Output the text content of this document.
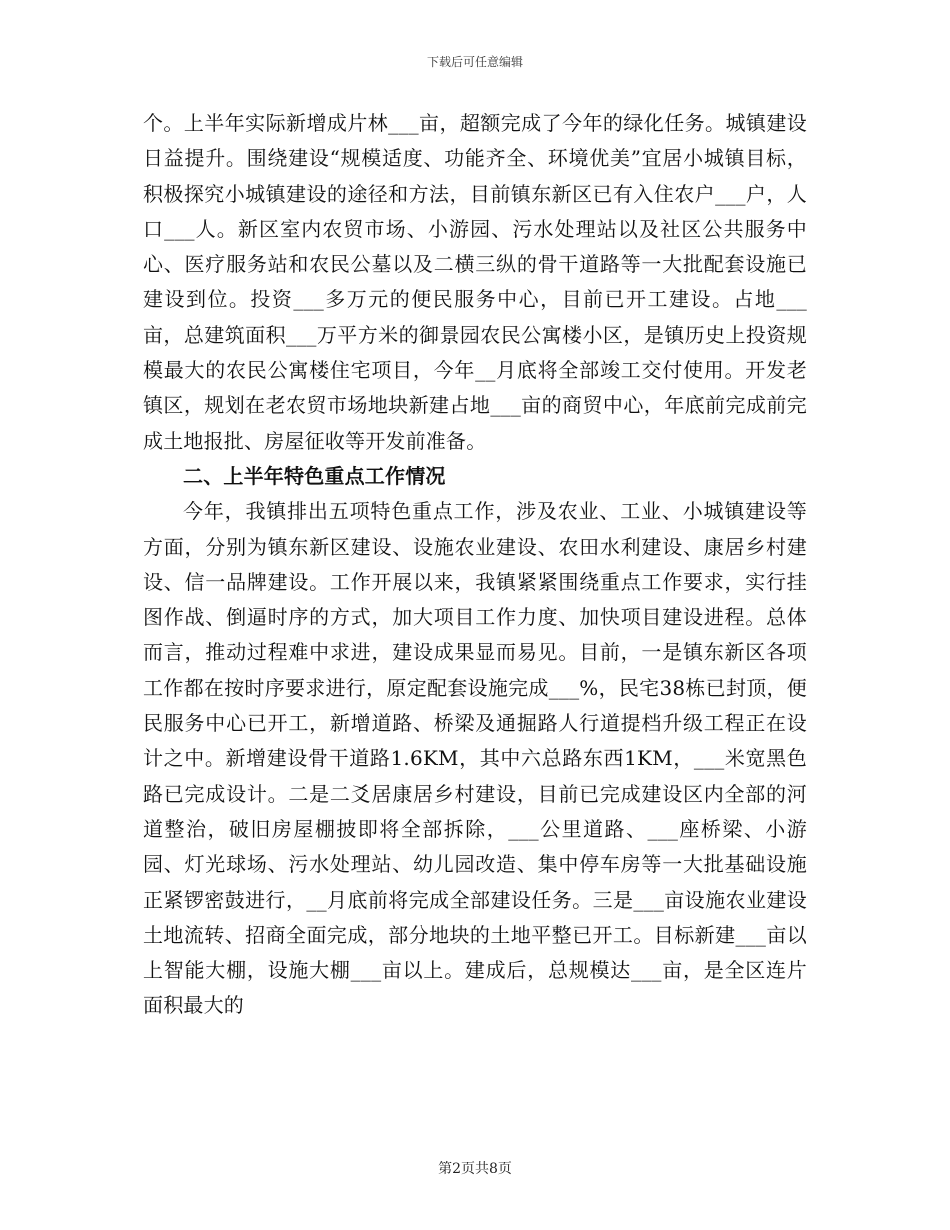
下载后可任意编辑

个。上半年实际新增成片林___亩，超额完成了今年的绿化任务。城镇建设日益提升。围绕建设“规模适度、功能齐全、环境优美”宜居小城镇目标，积极探究小城镇建设的途径和方法，目前镇东新区已有入住农户___户，人口___人。新区室内农贸市场、小游园、污水处理站以及社区公共服务中心、医疗服务站和农民公墓以及二横三纵的骨干道路等一大批配套设施已建设到位。投资___多万元的便民服务中心，目前已开工建设。占地___亩，总建筑面积___万平方米的御景园农民公寓楼小区，是镇历史上投资规模最大的农民公寓楼住宅项目，今年__月底将全部竣工交付使用。开发老镇区，规划在老农贸市场地块新建占地___亩的商贸中心，年底前完成前完成土地报批、房屋征收等开发前准备。

二、上半年特色重点工作情况

今年，我镇排出五项特色重点工作，涉及农业、工业、小城镇建设等方面，分别为镇东新区建设、设施农业建设、农田水利建设、康居乡村建设、信一品牌建设。工作开展以来，我镇紧紧围绕重点工作要求，实行挂图作战、倒逼时序的方式，加大项目工作力度、加快项目建设进程。总体而言，推动过程难中求进，建设成果显而易见。目前，一是镇东新区各项工作都在按时序要求进行，原定配套设施完成___%，民宅38栋已封顶，便民服务中心已开工，新增道路、桥梁及通掘路人行道提档升级工程正在设计之中。新增建设骨干道路1.6KM，其中六总路东西1KM，___米宽黑色路已完成设计。二是二爻居康居乡村建设，目前已完成建设区内全部的河道整治，破旧房屋棚披即将全部拆除，___公里道路、___座桥梁、小游园、灯光球场、污水处理站、幼儿园改造、集中停车房等一大批基础设施正紧锣密鼓进行，__月底前将完成全部建设任务。三是___亩设施农业建设土地流转、招商全面完成，部分地块的土地平整已开工。目标新建___亩以上智能大棚，设施大棚___亩以上。建成后，总规模达___亩，是全区连片面积最大的

第2页共8页
